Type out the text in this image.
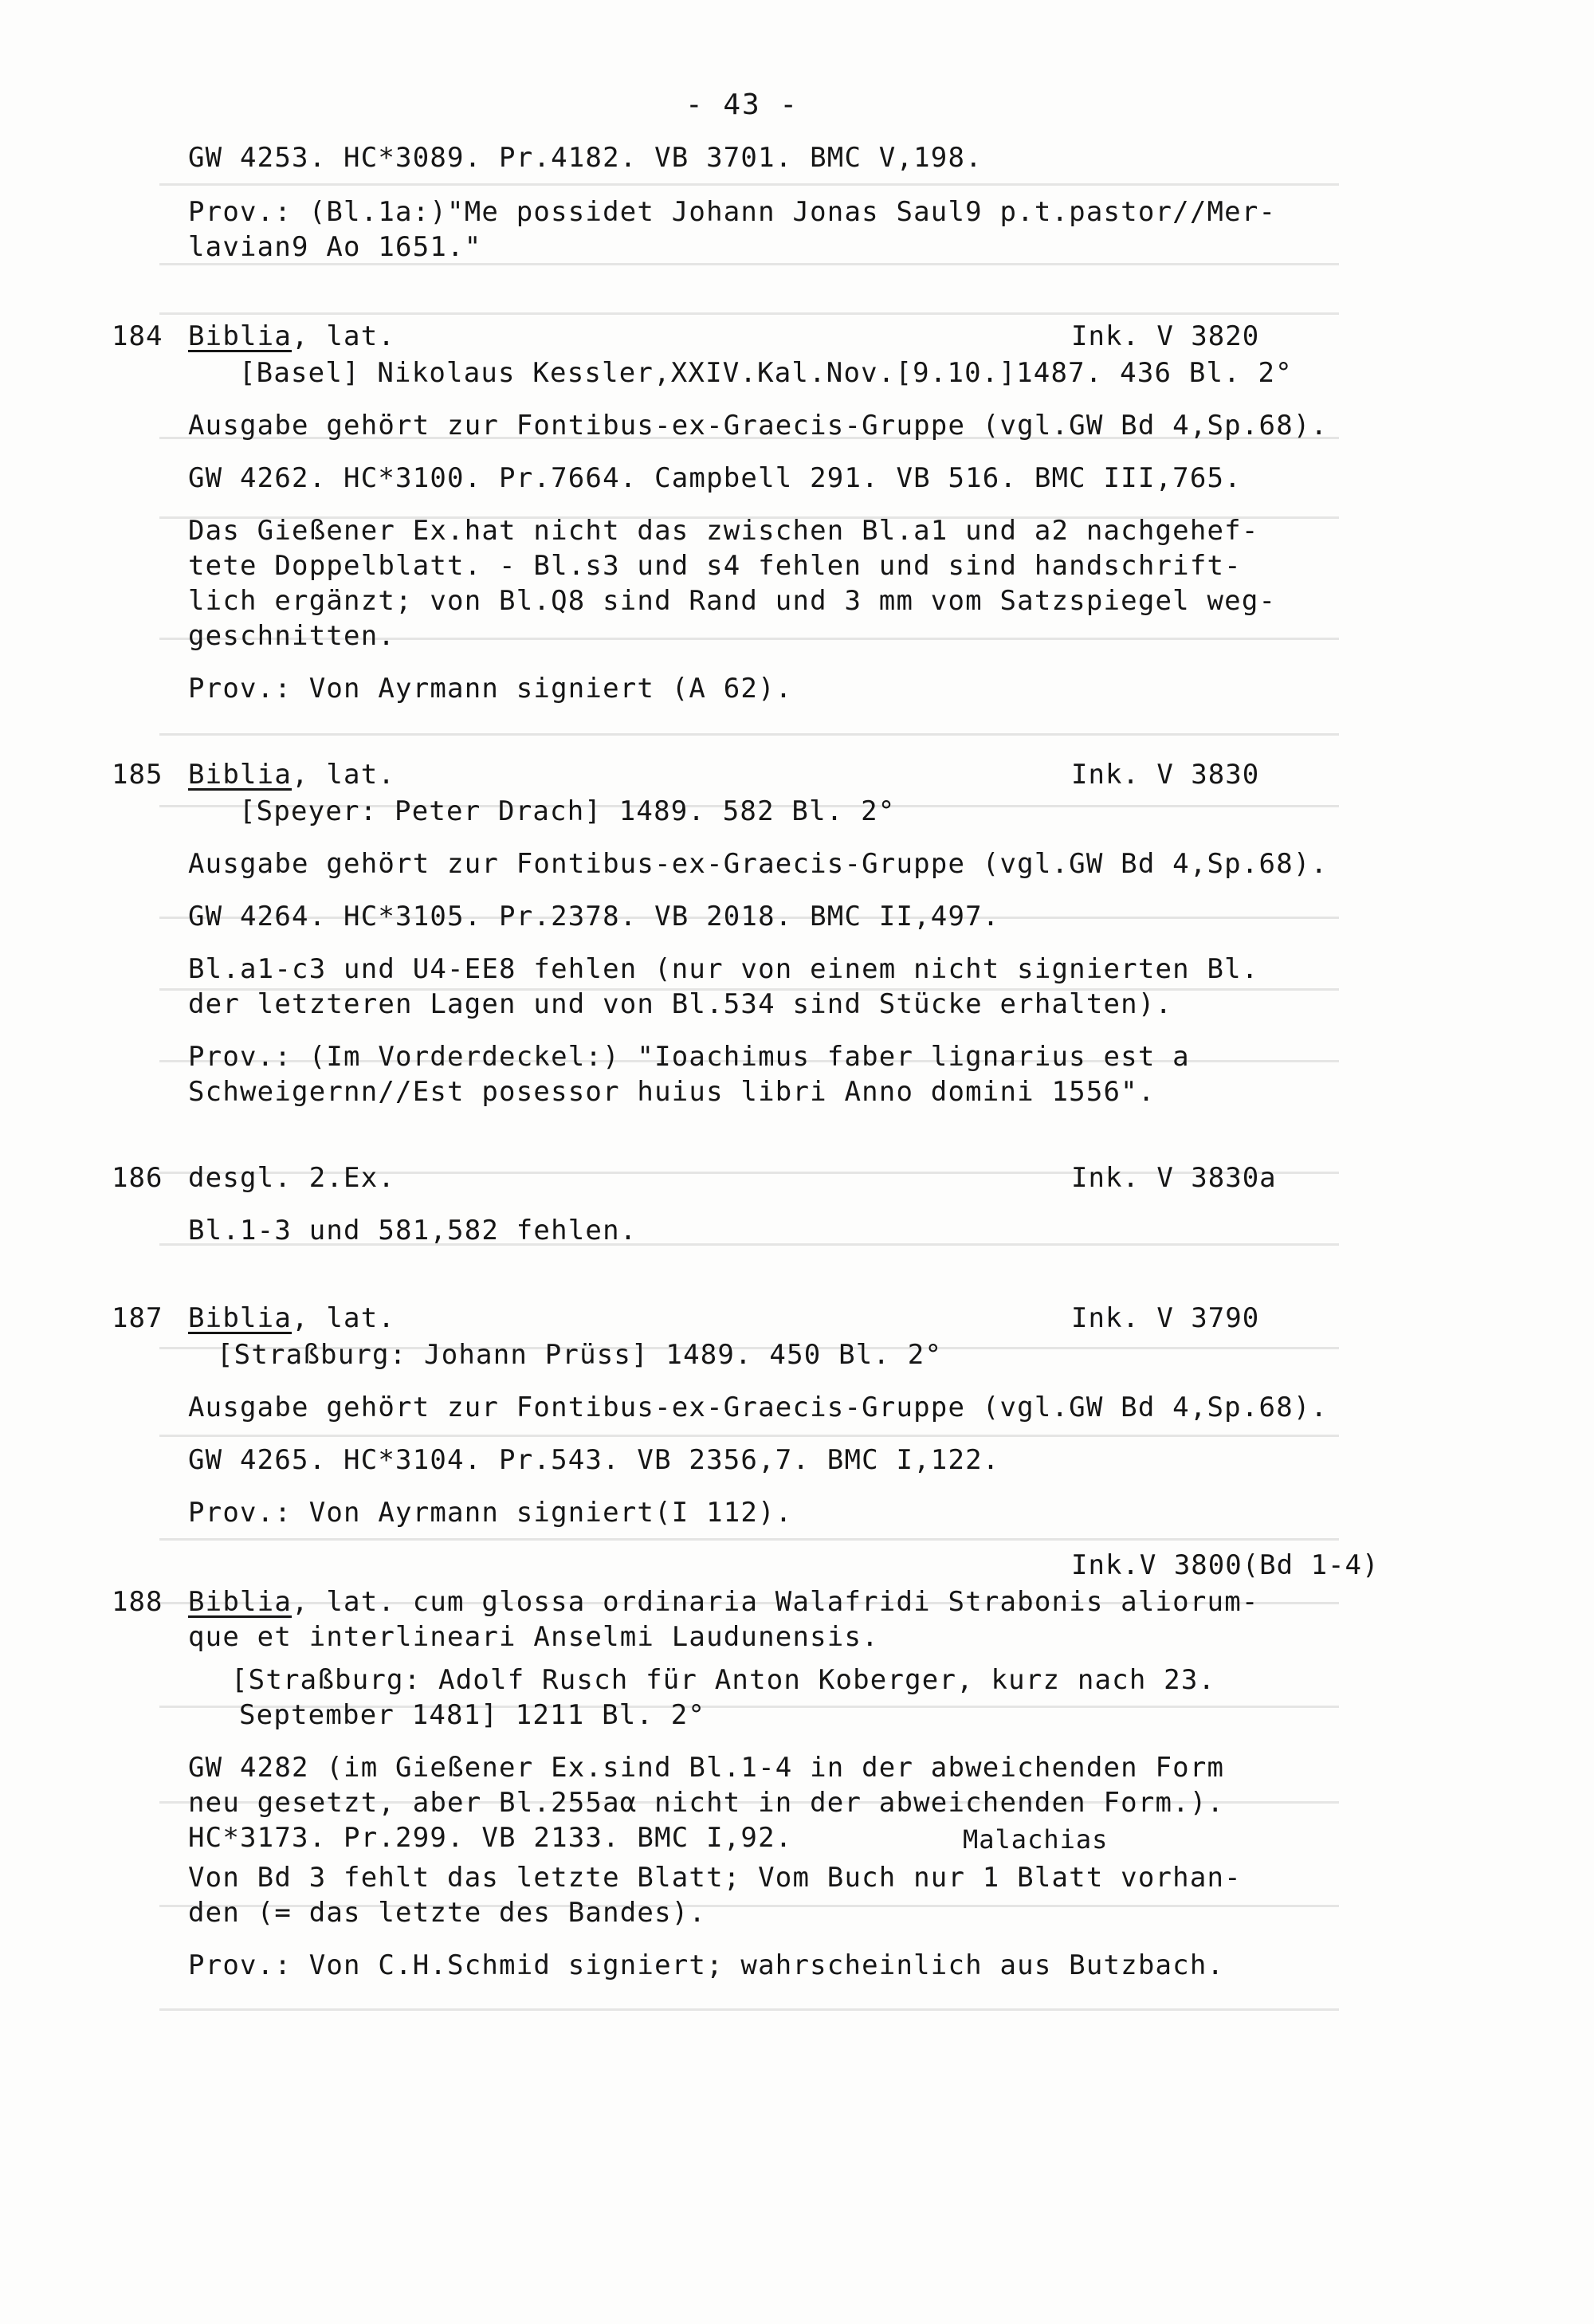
- 43 -
GW 4253. HC*3089. Pr.4182. VB 3701. BMC V,198.
Prov.: (Bl.1a:)"Me possidet Johann Jonas Saul9 p.t.pastor//Mer-
lavian9 Ao 1651."
184 Biblia, lat.	Ink. V 3820
[Basel] Nikolaus Kessler,XXIV.Kal.Nov.[9.10.]1487. 436 Bl. 2°
Ausgabe gehört zur Fontibus-ex-Graecis-Gruppe (vgl.GW Bd 4,Sp.68).
GW 4262. HC*3100. Pr.7664. Campbell 291. VB 516. BMC III,765.
Das Gießener Ex.hat nicht das zwischen Bl.a1 und a2 nachgehef-
tete Doppelblatt. - Bl.s3 und s4 fehlen und sind handschrift-
lich ergänzt; von Bl.Q8 sind Rand und 3 mm vom Satzspiegel weg-
geschnitten.
Prov.: Von Ayrmann signiert (A 62).
185 Biblia, lat.	Ink. V 3830
[Speyer: Peter Drach] 1489. 582 Bl. 2°
Ausgabe gehört zur Fontibus-ex-Graecis-Gruppe (vgl.GW Bd 4,Sp.68).
GW 4264. HC*3105. Pr.2378. VB 2018. BMC II,497.
Bl.a1-c3 und U4-EE8 fehlen (nur von einem nicht signierten Bl.
der letzteren Lagen und von Bl.534 sind Stücke erhalten).
Prov.: (Im Vorderdeckel:) "Ioachimus faber lignarius est a
Schweigernn//Est posessor huius libri Anno domini 1556".
186 desgl. 2.Ex.	Ink. V 3830a
Bl.1-3 und 581,582 fehlen.
187 Biblia, lat.	Ink. V 3790
[Straßburg: Johann Prüss] 1489. 450 Bl. 2°
Ausgabe gehört zur Fontibus-ex-Graecis-Gruppe (vgl.GW Bd 4,Sp.68).
GW 4265. HC*3104. Pr.543. VB 2356,7. BMC I,122.
Prov.: Von Ayrmann signiert(I 112).
Ink.V 3800(Bd 1-4)
188 Biblia, lat. cum glossa ordinaria Walafridi Strabonis aliorum-
que et interlineari Anselmi Laudunensis.
[Straßburg: Adolf Rusch für Anton Koberger, kurz nach 23.
September 1481] 1211 Bl. 2°
GW 4282 (im Gießener Ex.sind Bl.1-4 in der abweichenden Form
neu gesetzt, aber Bl.255aα nicht in der abweichenden Form.).
HC*3173. Pr.299. VB 2133. BMC I,92.	Malachias
Von Bd 3 fehlt das letzte Blatt; Vom Buch nur 1 Blatt vorhan-
den (= das letzte des Bandes).
Prov.: Von C.H.Schmid signiert; wahrscheinlich aus Butzbach.
